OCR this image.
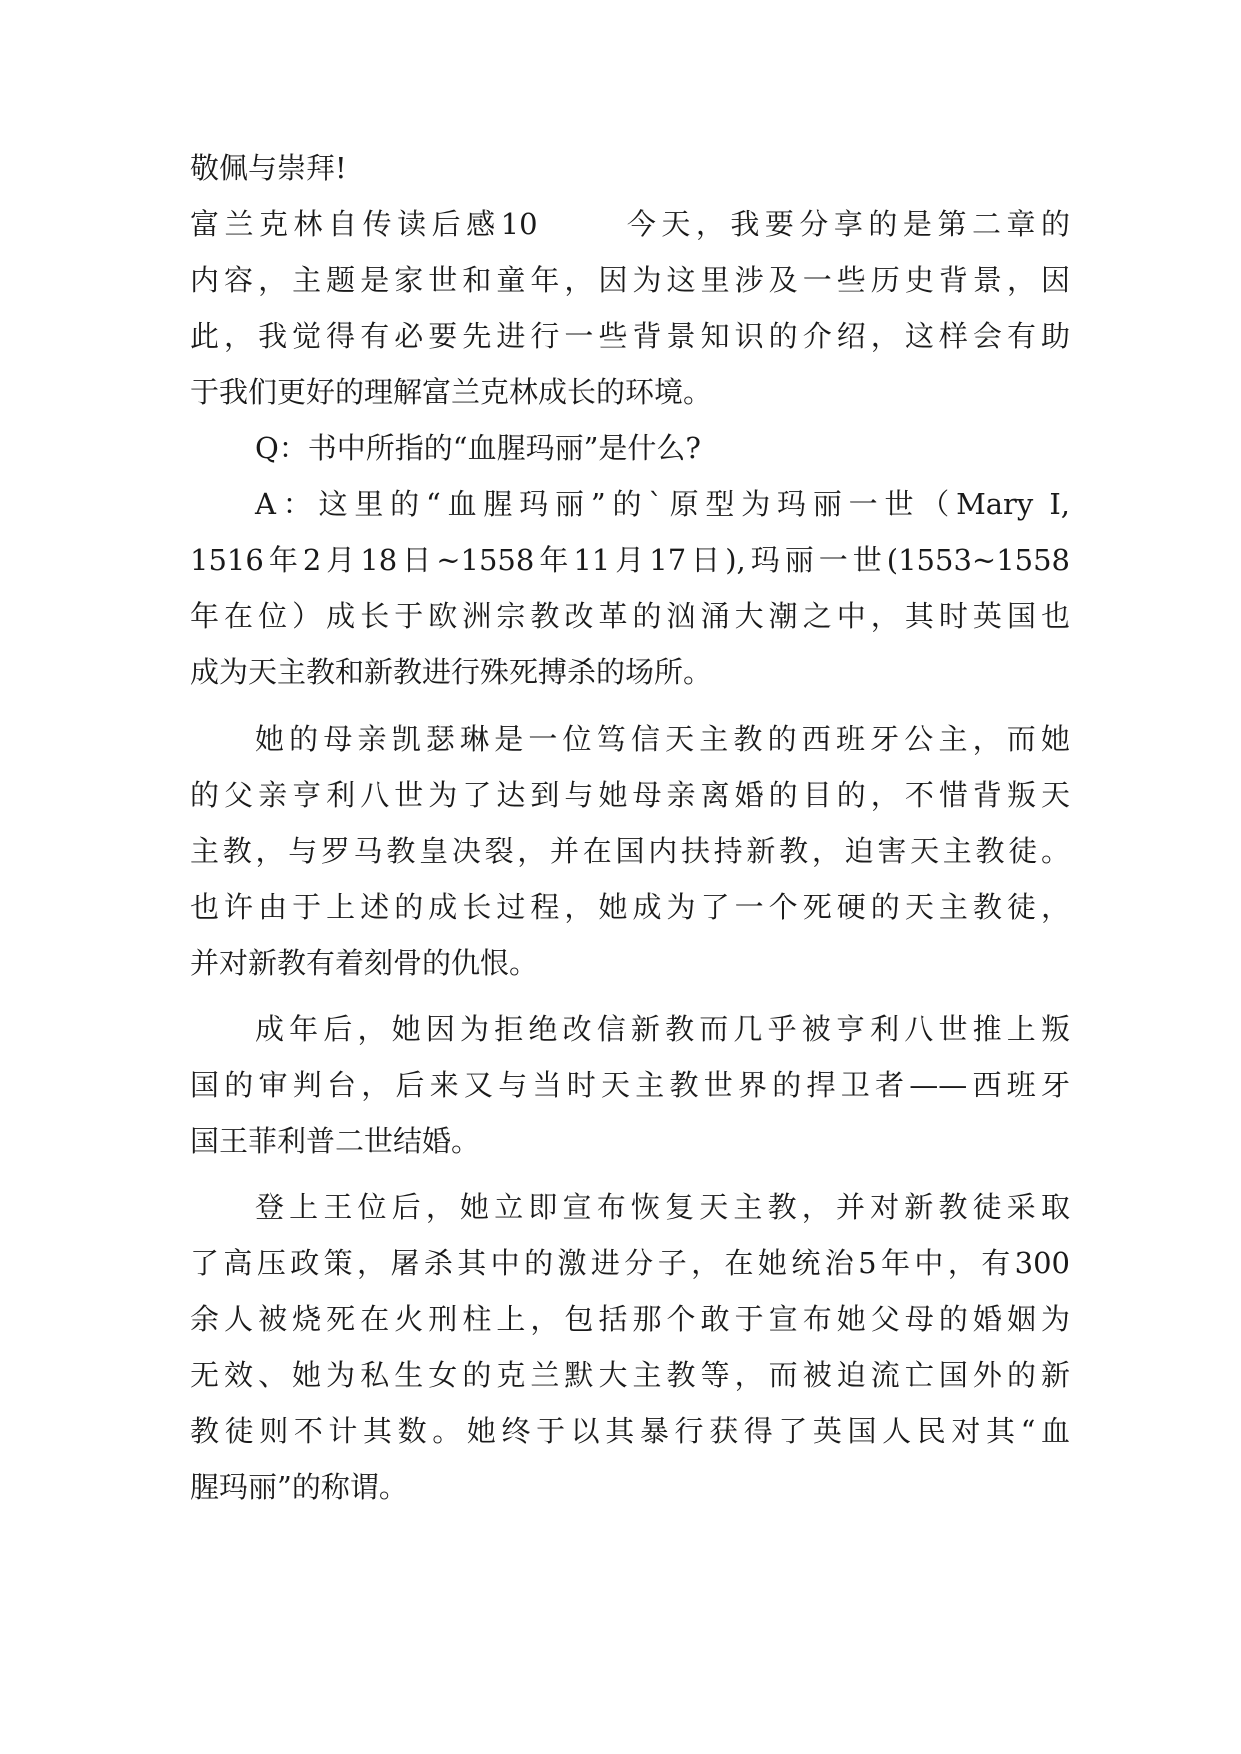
敬佩与崇拜!
富兰克林自传读后感10　　 今天，我要分享的是第二章的
内容，主题是家世和童年，因为这里涉及一些历史背景，因
此，我觉得有必要先进行一些背景知识的介绍，这样会有助
于我们更好的理解富兰克林成长的环境。
Q：书中所指的“血腥玛丽”是什么?
A：这里的“血腥玛丽”的`原型为玛丽一世（Mary I,
1516年2月18日~1558年11月17日),玛丽一世(1553~1558
年在位）成长于欧洲宗教改革的汹涌大潮之中，其时英国也
成为天主教和新教进行殊死搏杀的场所。
她的母亲凯瑟琳是一位笃信天主教的西班牙公主，而她
的父亲亨利八世为了达到与她母亲离婚的目的，不惜背叛天
主教，与罗马教皇决裂，并在国内扶持新教，迫害天主教徒。
也许由于上述的成长过程，她成为了一个死硬的天主教徒，
并对新教有着刻骨的仇恨。
成年后，她因为拒绝改信新教而几乎被亨利八世推上叛
国的审判台，后来又与当时天主教世界的捍卫者——西班牙
国王菲利普二世结婚。
登上王位后，她立即宣布恢复天主教，并对新教徒采取
了高压政策，屠杀其中的激进分子，在她统治5年中，有300
余人被烧死在火刑柱上，包括那个敢于宣布她父母的婚姻为
无效、她为私生女的克兰默大主教等，而被迫流亡国外的新
教徒则不计其数。她终于以其暴行获得了英国人民对其“血
腥玛丽”的称谓。
